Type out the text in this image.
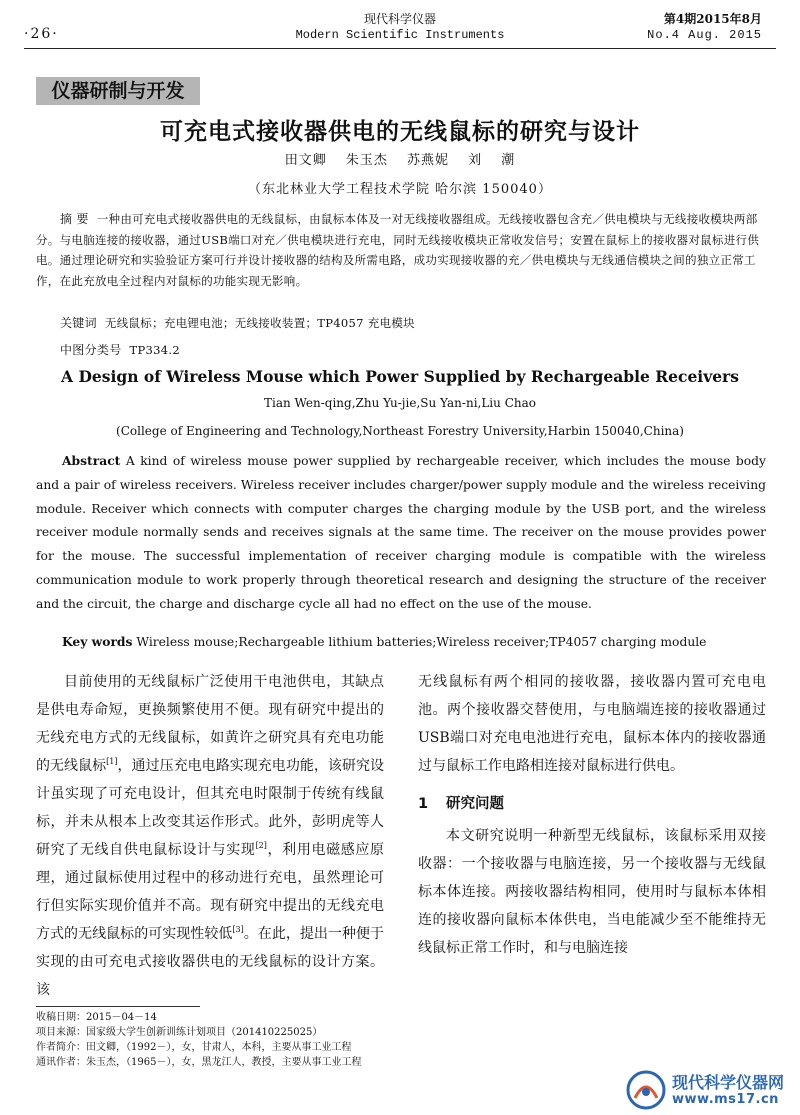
·26·
现代科学仪器
Modern Scientific Instruments
第4期2015年8月
No.4 Aug. 2015
仪器研制与开发
可充电式接收器供电的无线鼠标的研究与设计
田文卿 朱玉杰 苏燕妮 刘 潮
（东北林业大学工程技术学院 哈尔滨 150040）
摘 要 一种由可充电式接收器供电的无线鼠标，由鼠标本体及一对无线接收器组成。无线接收器包含充／供电模块与无线接收模块两部分。与电脑连接的接收器，通过USB端口对充／供电模块进行充电，同时无线接收模块正常收发信号；安置在鼠标上的接收器对鼠标进行供电。通过理论研究和实验验证方案可行并设计接收器的结构及所需电路，成功实现接收器的充／供电模块与无线通信模块之间的独立正常工作，在此充放电全过程内对鼠标的功能实现无影响。
关键词 无线鼠标；充电锂电池；无线接收装置；TP4057 充电模块
中图分类号 TP334.2
A Design of Wireless Mouse which Power Supplied by Rechargeable Receivers
Tian Wen-qing,Zhu Yu-jie,Su Yan-ni,Liu Chao
(College of Engineering and Technology,Northeast Forestry University,Harbin 150040,China)
Abstract A kind of wireless mouse power supplied by rechargeable receiver, which includes the mouse body and a pair of wireless receivers. Wireless receiver includes charger/power supply module and the wireless receiving module. Receiver which connects with computer charges the charging module by the USB port, and the wireless receiver module normally sends and receives signals at the same time. The receiver on the mouse provides power for the mouse. The successful implementation of receiver charging module is compatible with the wireless communication module to work properly through theoretical research and designing the structure of the receiver and the circuit, the charge and discharge cycle all had no effect on the use of the mouse.
Key words Wireless mouse;Rechargeable lithium batteries;Wireless receiver;TP4057 charging module
目前使用的无线鼠标广泛使用干电池供电，其缺点是供电寿命短，更换频繁使用不便。现有研究中提出的无线充电方式的无线鼠标，如黄许之研究具有充电功能的无线鼠标[1]，通过压充电电路实现充电功能，该研究设计虽实现了可充电设计，但其充电时限制于传统有线鼠标，并未从根本上改变其运作形式。此外，彭明虎等人研究了无线自供电鼠标设计与实现[2]，利用电磁感应原理，通过鼠标使用过程中的移动进行充电，虽然理论可行但实际实现价值并不高。现有研究中提出的无线充电方式的无线鼠标的可实现性较低[3]。在此，提出一种便于实现的由可充电式接收器供电的无线鼠标的设计方案。该

无线鼠标有两个相同的接收器，接收器内置可充电电池。两个接收器交替使用，与电脑端连接的接收器通过USB端口对充电电池进行充电，鼠标本体内的接收器通过与鼠标工作电路相连接对鼠标进行供电。

1 研究问题

本文研究说明一种新型无线鼠标，该鼠标采用双接收器：一个接收器与电脑连接，另一个接收器与无线鼠标本体连接。两接收器结构相同，使用时与鼠标本体相连的接收器向鼠标本体供电，当电能减少至不能维持无线鼠标正常工作时，和与电脑连接

收稿日期：2015－04－14
项目来源：国家级大学生创新训练计划项目（201410225025）
作者简介：田文卿，（1992－），女，甘肃人，本科，主要从事工业工程
通讯作者：朱玉杰，（1965－），女，黑龙江人，教授，主要从事工业工程
现代科学仪器网
www.ms17.cn
